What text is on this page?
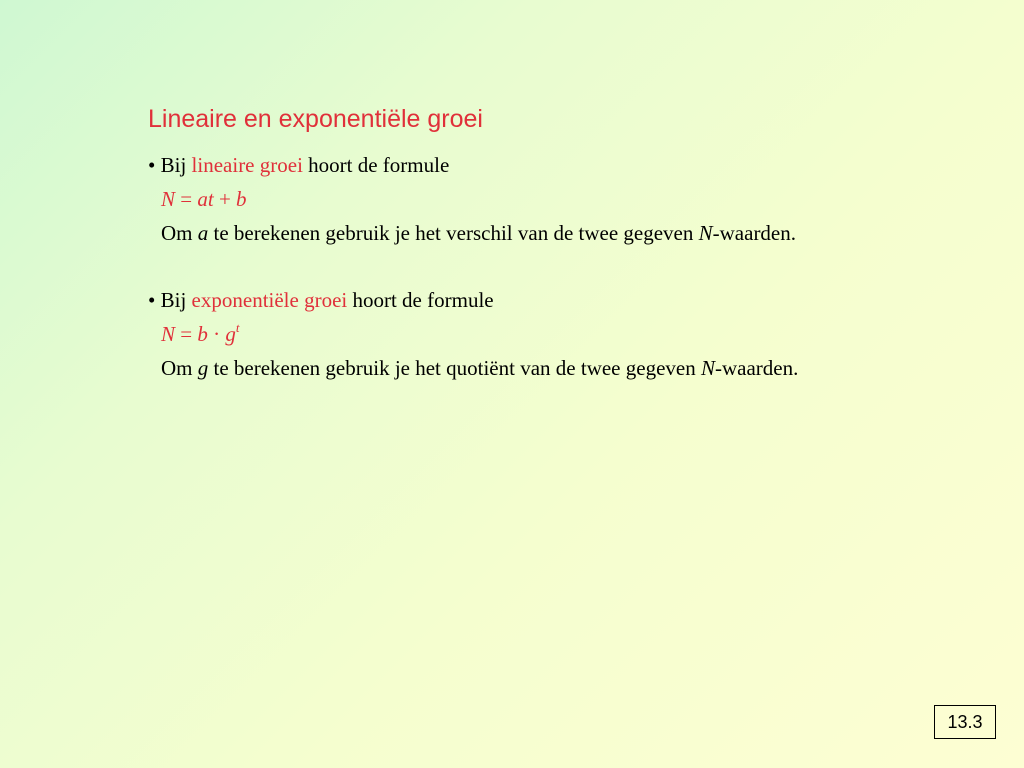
Lineaire en exponentiële groei
• Bij lineaire groei hoort de formule
N = at + b
Om a te berekenen gebruik je het verschil van de twee gegeven N-waarden.
• Bij exponentiële groei hoort de formule
$N = b \cdot g^t$
Om g te berekenen gebruik je het quotiënt van de twee gegeven N-waarden.
13.3
